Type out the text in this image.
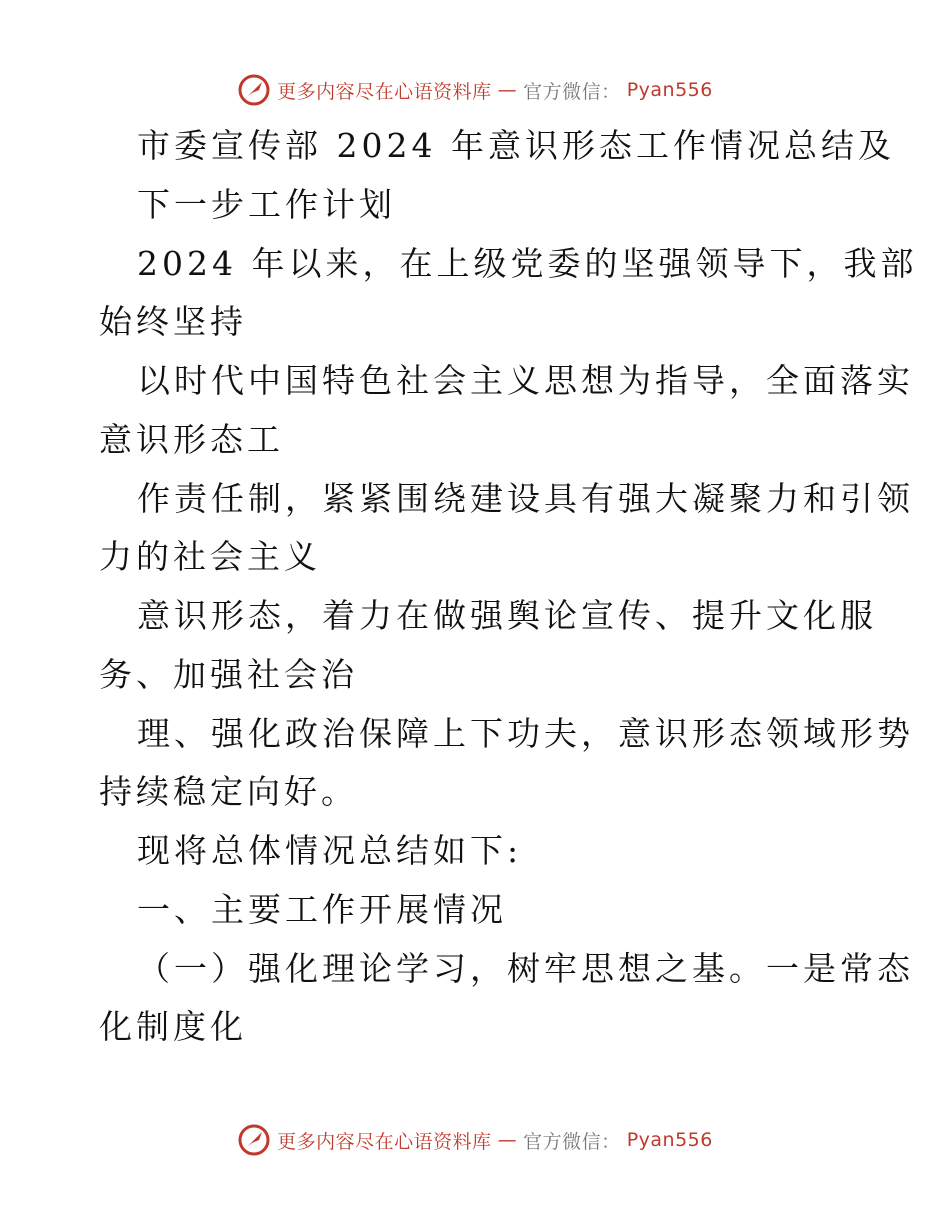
更多内容尽在心语资料库 — 官方微信： Pyan556
市委宣传部 2024 年意识形态工作情况总结及
下一步工作计划
2024 年以来，在上级党委的坚强领导下，我部
始终坚持
以时代中国特色社会主义思想为指导，全面落实
意识形态工
作责任制，紧紧围绕建设具有强大凝聚力和引领
力的社会主义
意识形态，着力在做强舆论宣传、提升文化服
务、加强社会治
理、强化政治保障上下功夫，意识形态领域形势
持续稳定向好。
现将总体情况总结如下:
一、主要工作开展情况
（一）强化理论学习，树牢思想之基。一是常态
化制度化
更多内容尽在心语资料库 — 官方微信： Pyan556
